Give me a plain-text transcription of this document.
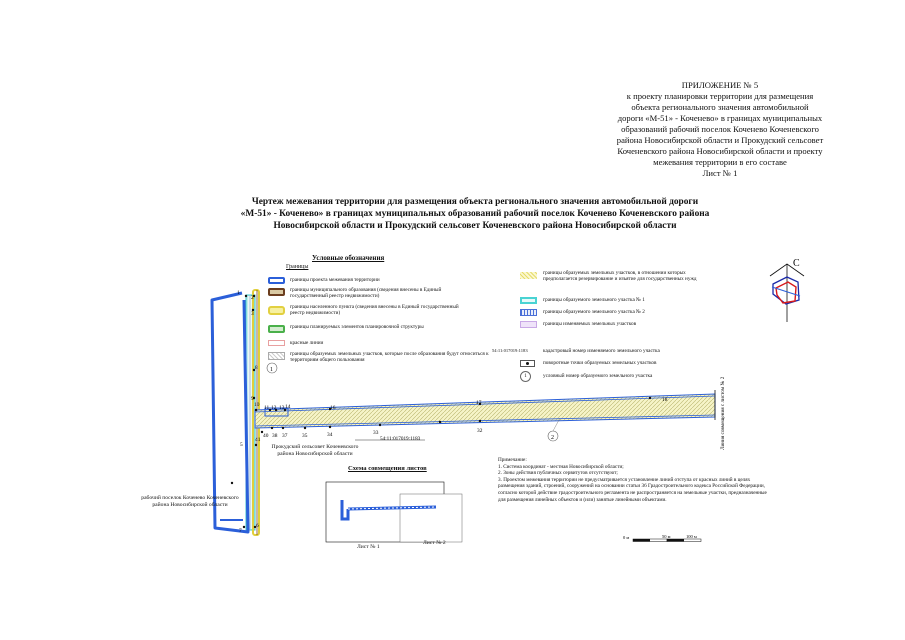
ПРИЛОЖЕНИЕ № 5
к проекту планировки территории для размещения
объекта регионального значения автомобильной
дороги «М-51» - Коченево» в границах муниципальных
образований рабочий поселок Коченево Коченевского
района Новосибирской области и Прокудский сельсовет
Коченевского района Новосибирской области и проекту
межевания территории в его составе
Лист № 1
Чертеж межевания территории для размещения объекта регионального значения автомобильной дороги
«М-51» - Коченево» в границах муниципальных образований рабочий поселок Коченево Коченевского района
Новосибирской области и Прокудский сельсовет Коченевского района Новосибирской области
Условные обозначения
Границы
границы проекта межевания территории
границы муниципального образования (сведения внесены в Единый государственный реестр недвижимости)
границы населенного пункта (сведения внесены в Единый государственный реестр недвижимости)
границы планируемых элементов планировочной структуры
красные линии
границы образуемых земельных участков, которые после образования будут относиться к территориям общего пользования
границы образуемых земельных участков, в отношении которых предполагается резервирование и изъятие для государственных нужд
границы образуемого земельного участка № 1
границы образуемого земельного участка № 2
границы изменяемых земельных участков
54:11:017019:1183	кадастровый номер изменяемого земельного участка
поворотные точки образуемых земельных участков
1	условный номер образуемого земельного участка
С
1
2
1
2
3
8
9
10
41
5
7
6
11 12 13 14	16
17	18
40 38 37	35	34	33	32
54:11:017019:1183	Линия совмещения с листом № 2
0 м	50 м	100 м
Прокудский сельсовет Коченевского района Новосибирской области
рабочий поселок Коченево Коченевского района Новосибирской области
Схема совмещения листов
Лист № 1
Лист № 2
Примечание:
1. Система координат - местная Новосибирской области;
2. Зоны действия публичных сервитутов отсутствуют;
3. Проектом межевания территории не предусматривается установление линий отступа от красных линий в целях размещения зданий, строений, сооружений на основании статьи 36 Градостроительного кодекса Российской Федерации, согласно которой действие градостроительного регламента не распространяется на земельные участки, предназначенные для размещения линейных объектов и (или) занятые линейными объектами.
